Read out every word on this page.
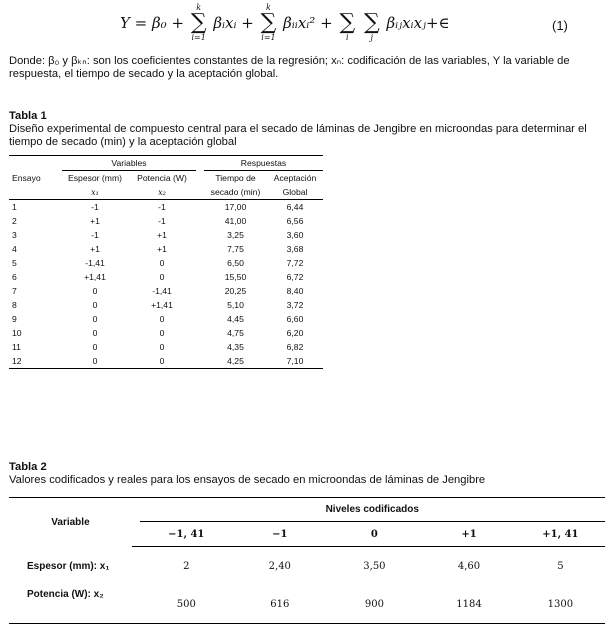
Y = β₀ +
k
∑
i=1
βᵢxᵢ +
k
∑
i=1
βᵢᵢxᵢ² +
∑
i

∑
j
βᵢⱼxᵢxⱼ+∈	(1)
Donde: β₀ y βₖₙ: son los coeficientes constantes de la regresión; xₙ: codificación de las variables, Y la variable de respuesta, el tiempo de secado y la aceptación global.
Tabla 1
Diseño experimental de compuesto central para el secado de láminas de Jengibre en microondas para determinar el tiempo de secado (min) y la aceptación global
	Variables			Respuestas	
Ensayo	Espesor (mm)	Potencia (W)		Tiempo de	Aceptación
	x₁	x₂		secado (min)	Global
1	-1	-1		17,00	6,44
2	+1	-1		41,00	6,56
3	-1	+1		3,25	3,60
4	+1	+1		7,75	3,68
5	-1,41	0		6,50	7,72
6	+1,41	0		15,50	6,72
7	0	-1,41		20,25	8,40
8	0	+1,41		5,10	3,72
9	0	0		4,45	6,60
10	0	0		4,75	6,20
11	0	0		4,35	6,82
12	0	0		4,25	7,10
Tabla 2
Valores codificados y reales para los ensayos de secado en microondas de láminas de Jengibre
Variable		Niveles codificados				
		−1, 41	−1	0	+1	+1, 41
Espesor (mm): x₁		2	2,40	3,50	4,60	5
Potencia (W): x₂		500	616	900	1184	1300
